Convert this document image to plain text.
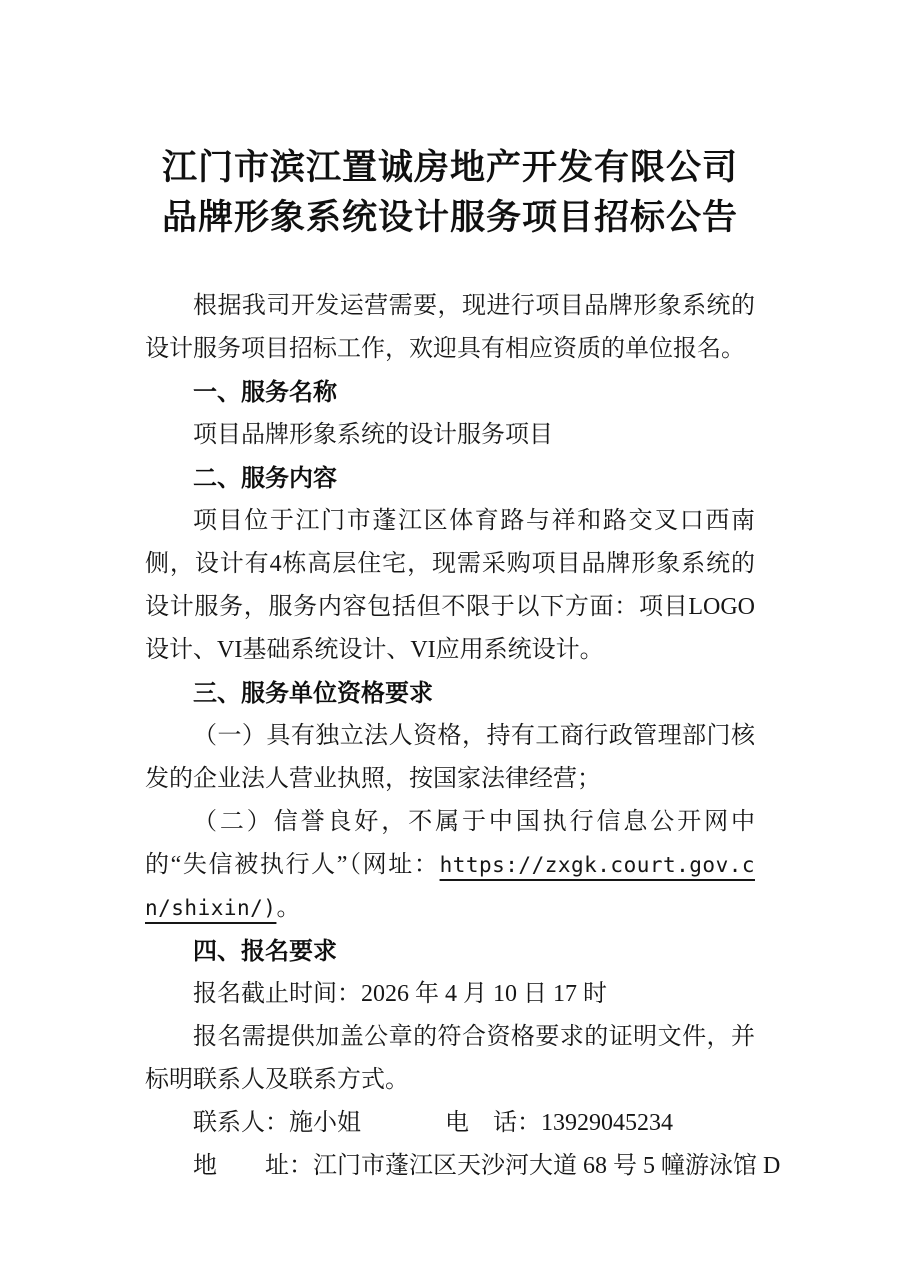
江门市滨江置诚房地产开发有限公司
品牌形象系统设计服务项目招标公告

根据我司开发运营需要，现进行项目品牌形象系统的设计服务项目招标工作，欢迎具有相应资质的单位报名。

一、服务名称

项目品牌形象系统的设计服务项目

二、服务内容

项目位于江门市蓬江区体育路与祥和路交叉口西南侧，设计有4栋高层住宅，现需采购项目品牌形象系统的设计服务，服务内容包括但不限于以下方面：项目LOGO设计、VI基础系统设计、VI应用系统设计。

三、服务单位资格要求

（一）具有独立法人资格，持有工商行政管理部门核发的企业法人营业执照，按国家法律经营；

（二）信誉良好，不属于中国执行信息公开网中的“失信被执行人”（网址：https://zxgk.court.gov.cn/shixin/)。

四、报名要求

报名截止时间：2026 年 4 月 10 日 17 时

报名需提供加盖公章的符合资格要求的证明文件，并标明联系人及联系方式。

联系人：施小姐	电　话：13929045234

地　　址：江门市蓬江区天沙河大道 68 号 5 幢游泳馆 D
